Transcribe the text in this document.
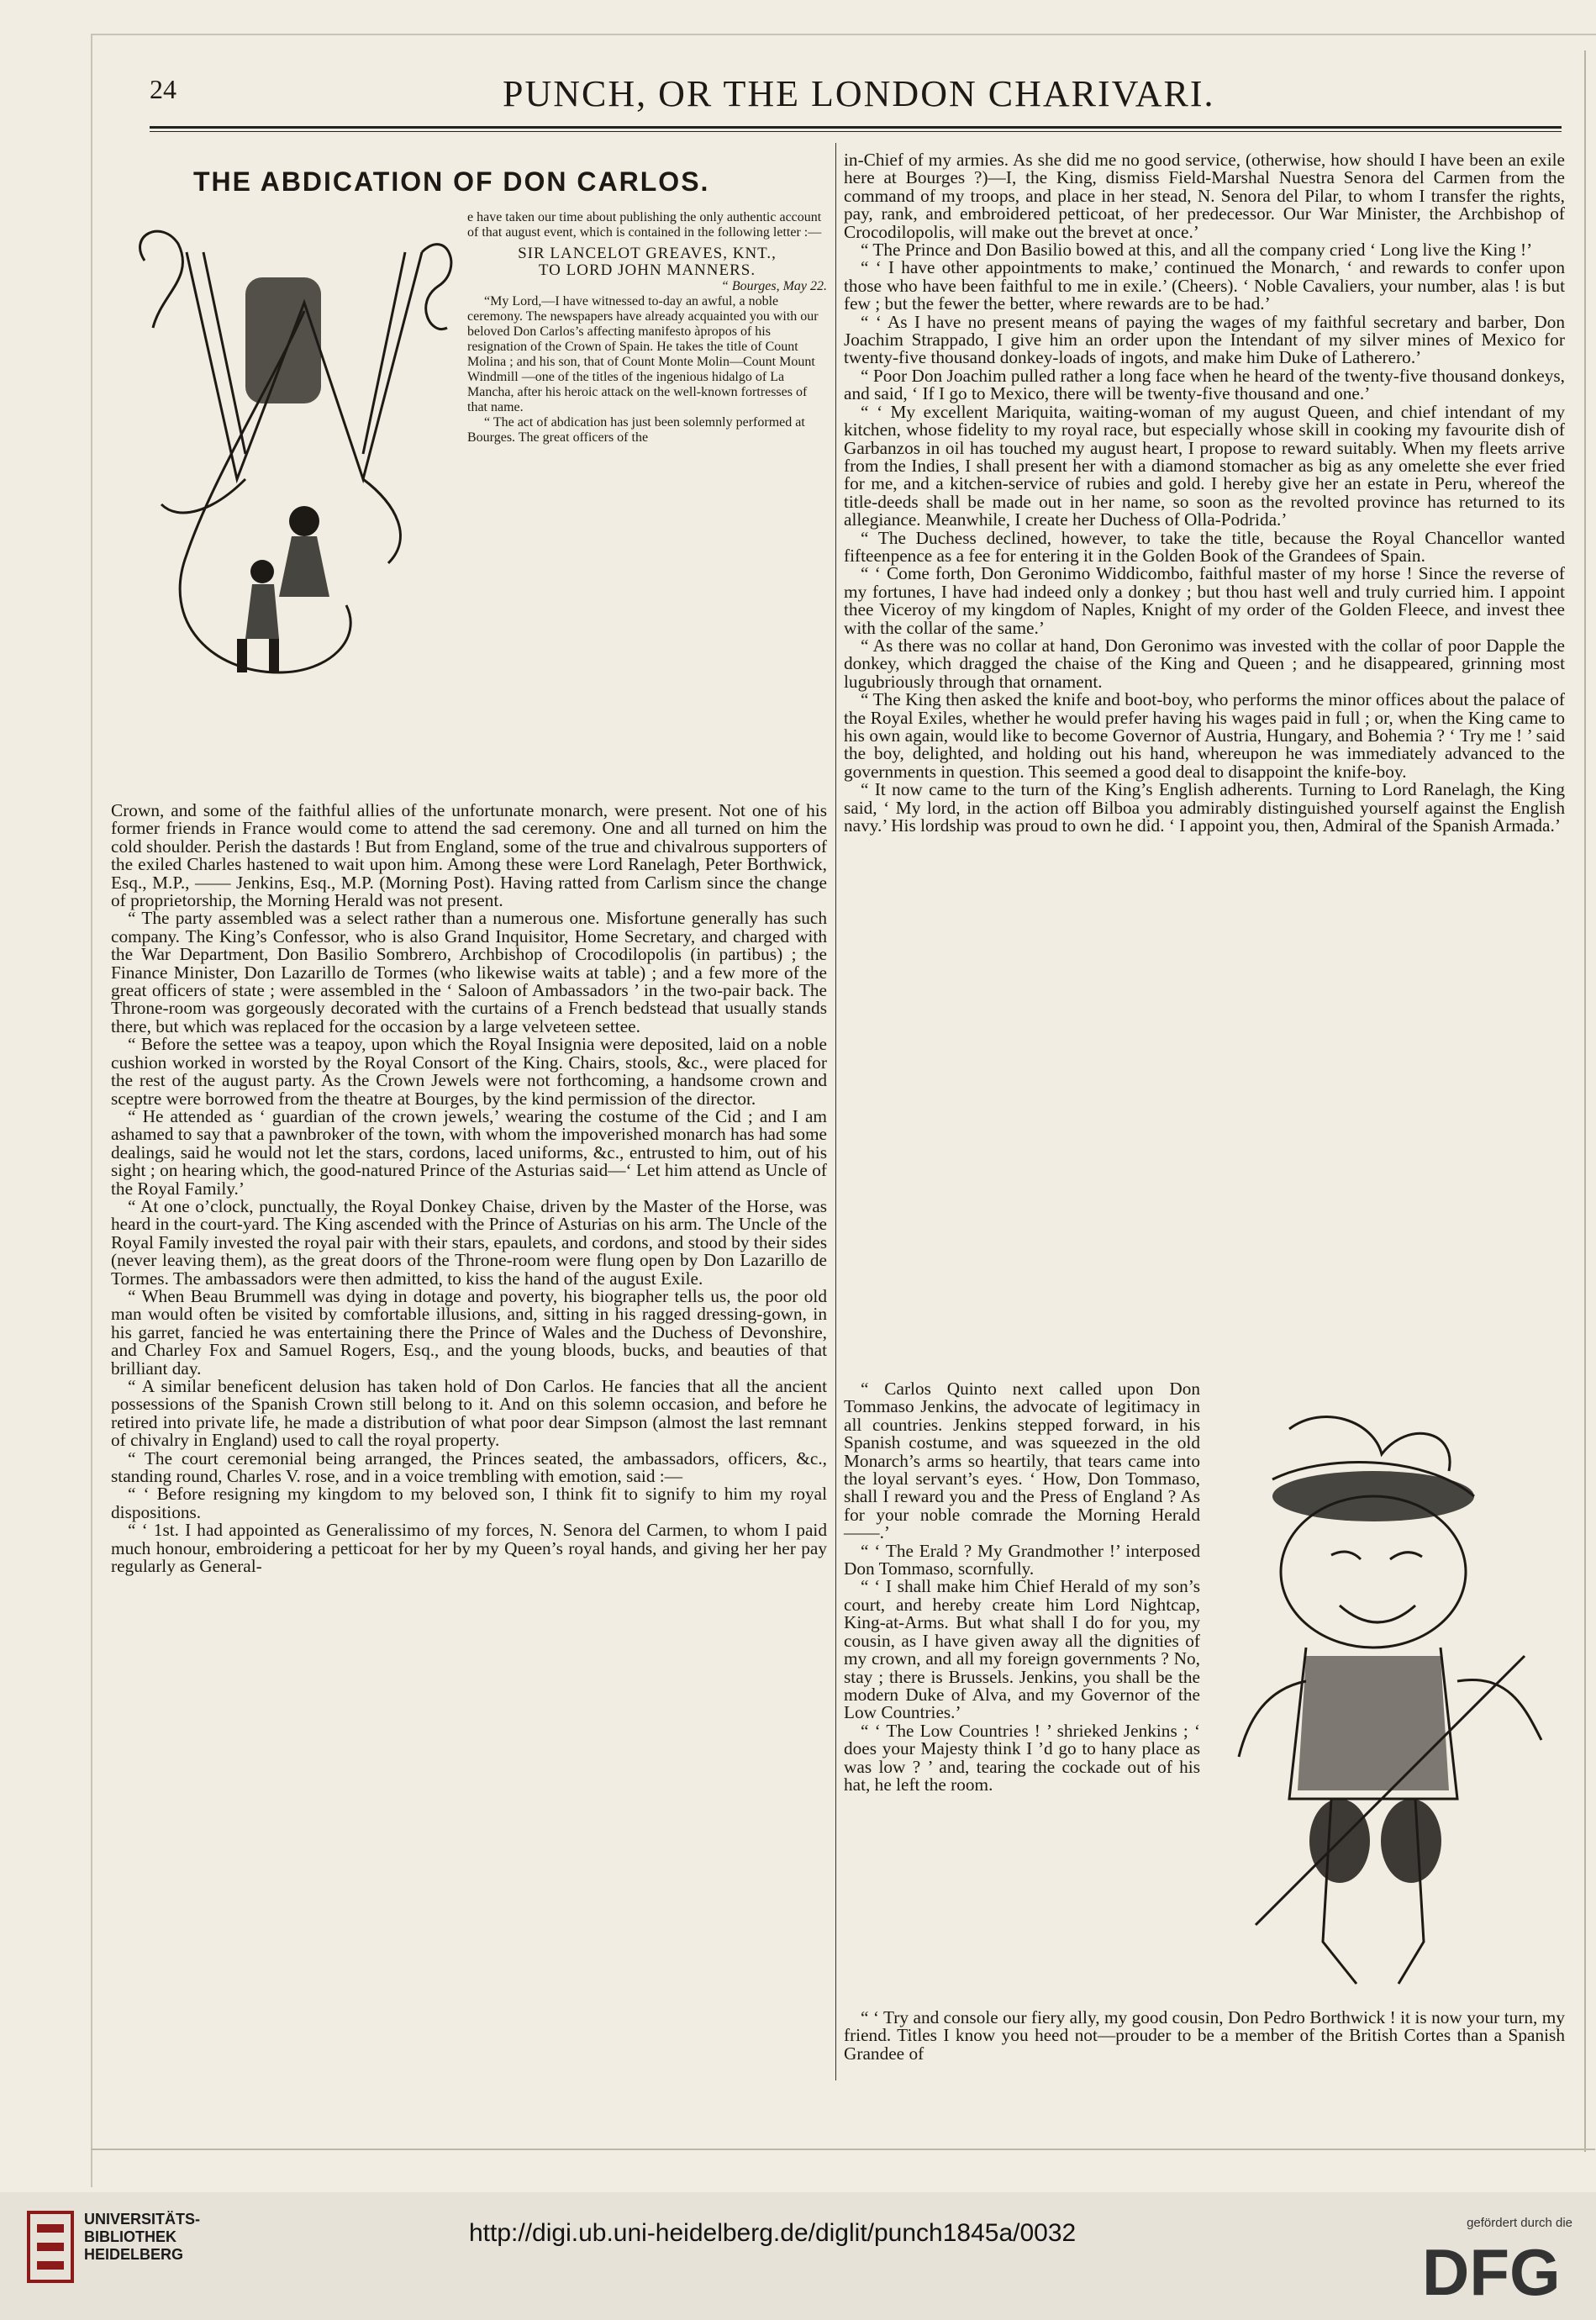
24	PUNCH, OR THE LONDON CHARIVARI.
THE ABDICATION OF DON CARLOS.

e have taken our time about publishing the only authentic account of that august event, which is contained in the following letter :—

SIR LANCELOT GREAVES, KNT.,

TO LORD JOHN MANNERS.

“ Bourges, May 22.

“My Lord,—I have witnessed to-day an awful, a noble ceremony. The newspapers have already acquainted you with our beloved Don Carlos’s affecting manifesto àpropos of his resignation of the Crown of Spain. He takes the title of Count Molina ; and his son, that of Count Monte Molin—Count Mount Windmill —one of the titles of the ingenious hidalgo of La Mancha, after his heroic attack on the well-known fortresses of that name.

“ The act of abdication has just been solemnly performed at Bourges. The great officers of the

Crown, and some of the faithful allies of the unfortunate monarch, were present. Not one of his former friends in France would come to attend the sad ceremony. One and all turned on him the cold shoulder. Perish the dastards ! But from England, some of the true and chivalrous supporters of the exiled Charles hastened to wait upon him. Among these were Lord Ranelagh, Peter Borthwick, Esq., M.P., —— Jenkins, Esq., M.P. (Morning Post). Having ratted from Carlism since the change of proprietorship, the Morning Herald was not present.

“ The party assembled was a select rather than a numerous one. Misfortune generally has such company. The King’s Confessor, who is also Grand Inquisitor, Home Secretary, and charged with the War Department, Don Basilio Sombrero, Archbishop of Crocodilopolis (in partibus) ; the Finance Minister, Don Lazarillo de Tormes (who likewise waits at table) ; and a few more of the great officers of state ; were assembled in the ‘ Saloon of Ambassadors ’ in the two-pair back. The Throne-room was gorgeously decorated with the curtains of a French bedstead that usually stands there, but which was replaced for the occasion by a large velveteen settee.

“ Before the settee was a teapoy, upon which the Royal Insignia were deposited, laid on a noble cushion worked in worsted by the Royal Consort of the King. Chairs, stools, &c., were placed for the rest of the august party. As the Crown Jewels were not forthcoming, a handsome crown and sceptre were borrowed from the theatre at Bourges, by the kind permission of the director.

“ He attended as ‘ guardian of the crown jewels,’ wearing the costume of the Cid ; and I am ashamed to say that a pawnbroker of the town, with whom the impoverished monarch has had some dealings, said he would not let the stars, cordons, laced uniforms, &c., entrusted to him, out of his sight ; on hearing which, the good-natured Prince of the Asturias said—‘ Let him attend as Uncle of the Royal Family.’

“ At one o’clock, punctually, the Royal Donkey Chaise, driven by the Master of the Horse, was heard in the court-yard. The King ascended with the Prince of Asturias on his arm. The Uncle of the Royal Family invested the royal pair with their stars, epaulets, and cordons, and stood by their sides (never leaving them), as the great doors of the Throne-room were flung open by Don Lazarillo de Tormes. The ambassadors were then admitted, to kiss the hand of the august Exile.

“ When Beau Brummell was dying in dotage and poverty, his biographer tells us, the poor old man would often be visited by comfortable illusions, and, sitting in his ragged dressing-gown, in his garret, fancied he was entertaining there the Prince of Wales and the Duchess of Devonshire, and Charley Fox and Samuel Rogers, Esq., and the young bloods, bucks, and beauties of that brilliant day.

“ A similar beneficent delusion has taken hold of Don Carlos. He fancies that all the ancient possessions of the Spanish Crown still belong to it. And on this solemn occasion, and before he retired into private life, he made a distribution of what poor dear Simpson (almost the last remnant of chivalry in England) used to call the royal property.

“ The court ceremonial being arranged, the Princes seated, the ambassadors, officers, &c., standing round, Charles V. rose, and in a voice trembling with emotion, said :—

“ ‘ Before resigning my kingdom to my beloved son, I think fit to signify to him my royal dispositions.

“ ‘ 1st. I had appointed as Generalissimo of my forces, N. Senora del Carmen, to whom I paid much honour, embroidering a petticoat for her by my Queen’s royal hands, and giving her her pay regularly as General-

in-Chief of my armies. As she did me no good service, (otherwise, how should I have been an exile here at Bourges ?)—I, the King, dismiss Field-Marshal Nuestra Senora del Carmen from the command of my troops, and place in her stead, N. Senora del Pilar, to whom I transfer the rights, pay, rank, and embroidered petticoat, of her predecessor. Our War Minister, the Archbishop of Crocodilopolis, will make out the brevet at once.’

“ The Prince and Don Basilio bowed at this, and all the company cried ‘ Long live the King !’

“ ‘ I have other appointments to make,’ continued the Monarch, ‘ and rewards to confer upon those who have been faithful to me in exile.’ (Cheers). ‘ Noble Cavaliers, your number, alas ! is but few ; but the fewer the better, where rewards are to be had.’

“ ‘ As I have no present means of paying the wages of my faithful secretary and barber, Don Joachim Strappado, I give him an order upon the Intendant of my silver mines of Mexico for twenty-five thousand donkey-loads of ingots, and make him Duke of Latherero.’

“ Poor Don Joachim pulled rather a long face when he heard of the twenty-five thousand donkeys, and said, ‘ If I go to Mexico, there will be twenty-five thousand and one.’

“ ‘ My excellent Mariquita, waiting-woman of my august Queen, and chief intendant of my kitchen, whose fidelity to my royal race, but especially whose skill in cooking my favourite dish of Garbanzos in oil has touched my august heart, I propose to reward suitably. When my fleets arrive from the Indies, I shall present her with a diamond stomacher as big as any omelette she ever fried for me, and a kitchen-service of rubies and gold. I hereby give her an estate in Peru, whereof the title-deeds shall be made out in her name, so soon as the revolted province has returned to its allegiance. Meanwhile, I create her Duchess of Olla-Podrida.’

“ The Duchess declined, however, to take the title, because the Royal Chancellor wanted fifteenpence as a fee for entering it in the Golden Book of the Grandees of Spain.

“ ‘ Come forth, Don Geronimo Widdicombo, faithful master of my horse ! Since the reverse of my fortunes, I have had indeed only a donkey ; but thou hast well and truly curried him. I appoint thee Viceroy of my kingdom of Naples, Knight of my order of the Golden Fleece, and invest thee with the collar of the same.’

“ As there was no collar at hand, Don Geronimo was invested with the collar of poor Dapple the donkey, which dragged the chaise of the King and Queen ; and he disappeared, grinning most lugubriously through that ornament.

“ The King then asked the knife and boot-boy, who performs the minor offices about the palace of the Royal Exiles, whether he would prefer having his wages paid in full ; or, when the King came to his own again, would like to become Governor of Austria, Hungary, and Bohemia ? ‘ Try me ! ’ said the boy, delighted, and holding out his hand, whereupon he was immediately advanced to the governments in question. This seemed a good deal to disappoint the knife-boy.

“ It now came to the turn of the King’s English adherents. Turning to Lord Ranelagh, the King said, ‘ My lord, in the action off Bilboa you admirably distinguished yourself against the English navy.’ His lordship was proud to own he did. ‘ I appoint you, then, Admiral of the Spanish Armada.’

“ Carlos Quinto next called upon Don Tommaso Jenkins, the advocate of legitimacy in all countries. Jenkins stepped forward, in his Spanish costume, and was squeezed in the old Monarch’s arms so heartily, that tears came into the loyal servant’s eyes. ‘ How, Don Tommaso, shall I reward you and the Press of England ? As for your noble comrade the Morning Herald ——.’

“ ‘ The Erald ? My Grandmother !’ interposed Don Tommaso, scornfully.

“ ‘ I shall make him Chief Herald of my son’s court, and hereby create him Lord Nightcap, King-at-Arms. But what shall I do for you, my cousin, as I have given away all the dignities of my crown, and all my foreign governments ? No, stay ; there is Brussels. Jenkins, you shall be the modern Duke of Alva, and my Governor of the Low Countries.’

“ ‘ The Low Countries ! ’ shrieked Jenkins ; ‘ does your Majesty think I ’d go to hany place as was low ? ’ and, tearing the cockade out of his hat, he left the room.

“ ‘ Try and console our fiery ally, my good cousin, Don Pedro Borthwick ! it is now your turn, my friend. Titles I know you heed not—prouder to be a member of the British Cortes than a Spanish Grandee of

UNIVERSITÄTS-
BIBLIOTHEK
HEIDELBERG
http://digi.ub.uni-heidelberg.de/diglit/punch1845a/0032	gefördert durch die
DFG
